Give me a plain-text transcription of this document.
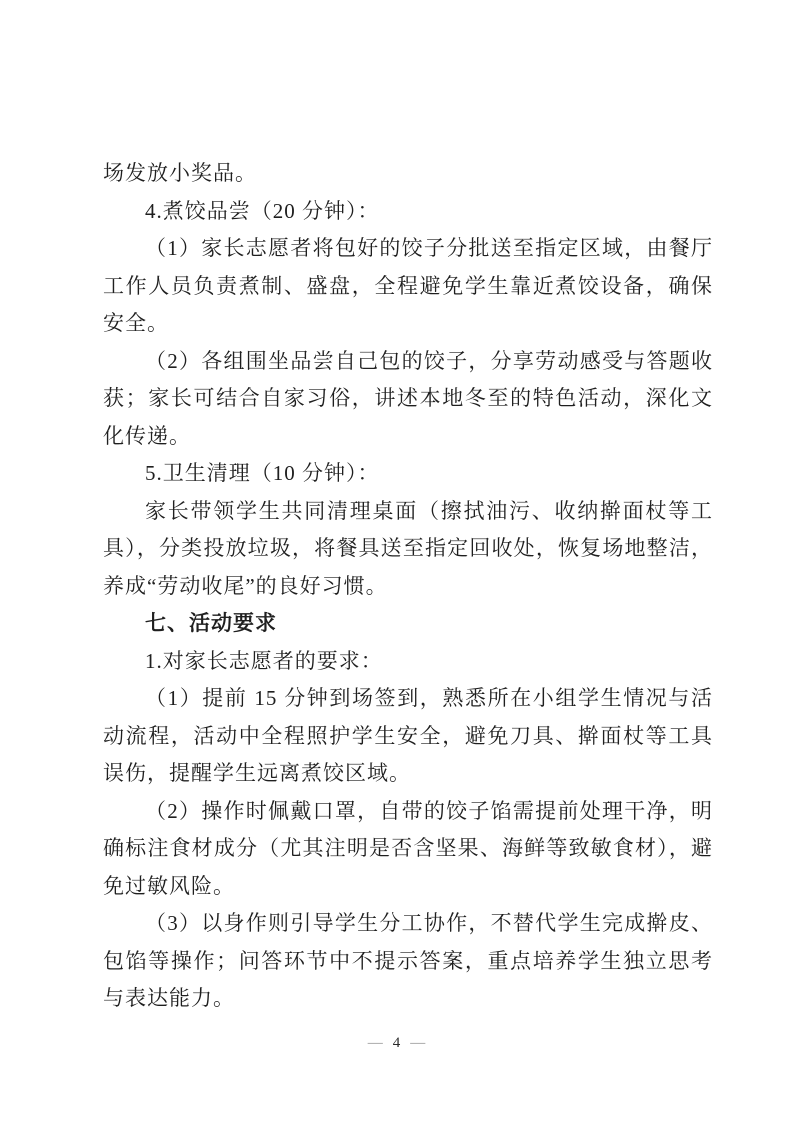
场发放小奖品。

4.煮饺品尝（20 分钟）：

（1）家长志愿者将包好的饺子分批送至指定区域，由餐厅工作人员负责煮制、盛盘，全程避免学生靠近煮饺设备，确保安全。

（2）各组围坐品尝自己包的饺子，分享劳动感受与答题收获；家长可结合自家习俗，讲述本地冬至的特色活动，深化文化传递。

5.卫生清理（10 分钟）：

家长带领学生共同清理桌面（擦拭油污、收纳擀面杖等工具），分类投放垃圾，将餐具送至指定回收处，恢复场地整洁，养成“劳动收尾”的良好习惯。

七、活动要求

1.对家长志愿者的要求：

（1）提前 15 分钟到场签到，熟悉所在小组学生情况与活动流程，活动中全程照护学生安全，避免刀具、擀面杖等工具误伤，提醒学生远离煮饺区域。

（2）操作时佩戴口罩，自带的饺子馅需提前处理干净，明确标注食材成分（尤其注明是否含坚果、海鲜等致敏食材），避免过敏风险。

（3）以身作则引导学生分工协作，不替代学生完成擀皮、包馅等操作；问答环节中不提示答案，重点培养学生独立思考与表达能力。

— 4 —
